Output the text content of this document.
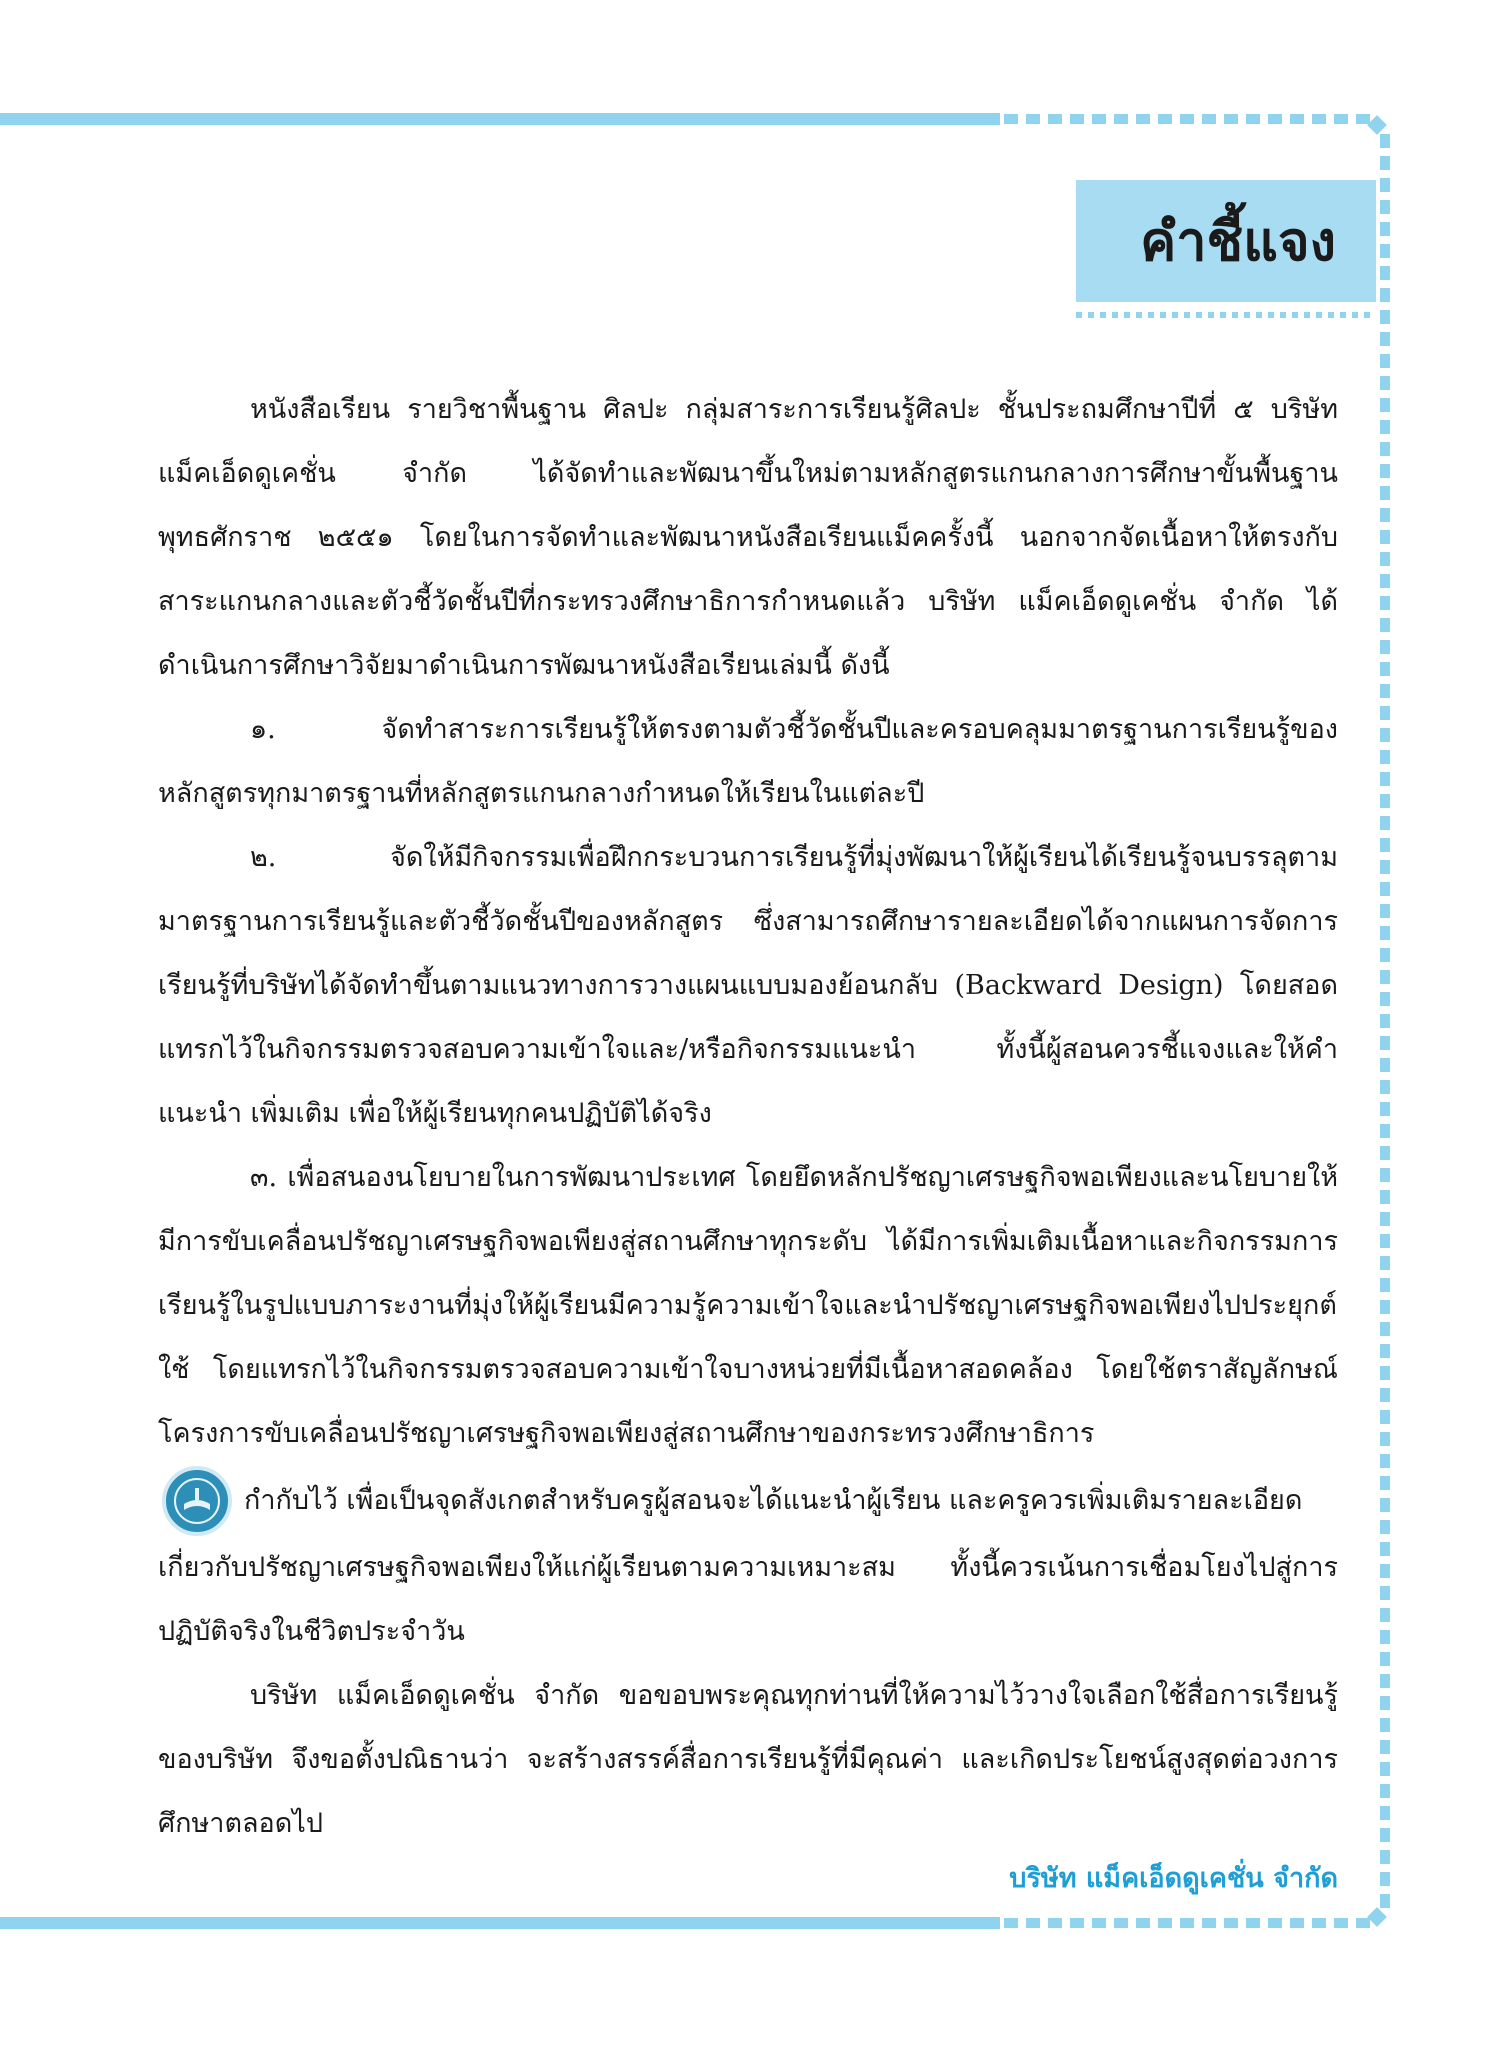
คำชี้แจง

หนังสือเรียน รายวิชาพื้นฐาน ศิลปะ กลุ่มสาระการเรียนรู้ศิลปะ ชั้นประถมศึกษาปีที่ ๕ บริษัท แม็คเอ็ดดูเคชั่น จำกัด ได้จัดทำและพัฒนาขึ้นใหม่ตามหลักสูตรแกนกลางการศึกษาขั้นพื้นฐาน พุทธศักราช ๒๕๕๑ โดยในการจัดทำและพัฒนาหนังสือเรียนแม็คครั้งนี้ นอกจากจัดเนื้อหาให้ตรงกับสาระแกนกลางและตัวชี้วัดชั้นปีที่กระทรวงศึกษาธิการกำหนดแล้ว บริษัท แม็คเอ็ดดูเคชั่น จำกัด ได้ดำเนินการศึกษาวิจัยมาดำเนินการพัฒนาหนังสือเรียนเล่มนี้ ดังนี้

๑. จัดทำสาระการเรียนรู้ให้ตรงตามตัวชี้วัดชั้นปีและครอบคลุมมาตรฐานการเรียนรู้ของหลักสูตรทุกมาตรฐานที่หลักสูตรแกนกลางกำหนดให้เรียนในแต่ละปี

๒. จัดให้มีกิจกรรมเพื่อฝึกกระบวนการเรียนรู้ที่มุ่งพัฒนาให้ผู้เรียนได้เรียนรู้จนบรรลุตามมาตรฐานการเรียนรู้และตัวชี้วัดชั้นปีของหลักสูตร ซึ่งสามารถศึกษารายละเอียดได้จากแผนการจัดการเรียนรู้ที่บริษัทได้จัดทำขึ้นตามแนวทางการวางแผนแบบมองย้อนกลับ (Backward Design) โดยสอดแทรกไว้ในกิจกรรมตรวจสอบความเข้าใจและ/หรือกิจกรรมแนะนำ ทั้งนี้ผู้สอนควรชี้แจงและให้คำแนะนำ เพิ่มเติม เพื่อให้ผู้เรียนทุกคนปฏิบัติได้จริง

๓. เพื่อสนองนโยบายในการพัฒนาประเทศ โดยยึดหลักปรัชญาเศรษฐกิจพอเพียงและนโยบายให้มีการขับเคลื่อนปรัชญาเศรษฐกิจพอเพียงสู่สถานศึกษาทุกระดับ ได้มีการเพิ่มเติมเนื้อหาและกิจกรรมการเรียนรู้ในรูปแบบภาระงานที่มุ่งให้ผู้เรียนมีความรู้ความเข้าใจและนำปรัชญาเศรษฐกิจพอเพียงไปประยุกต์ใช้ โดยแทรกไว้ในกิจกรรมตรวจสอบความเข้าใจบางหน่วยที่มีเนื้อหาสอดคล้อง โดยใช้ตราสัญลักษณ์โครงการขับเคลื่อนปรัชญาเศรษฐกิจพอเพียงสู่สถานศึกษาของกระทรวงศึกษาธิการ

กำกับไว้ เพื่อเป็นจุดสังเกตสำหรับครูผู้สอนจะได้แนะนำผู้เรียน และครูควรเพิ่มเติมรายละเอียด

เกี่ยวกับปรัชญาเศรษฐกิจพอเพียงให้แก่ผู้เรียนตามความเหมาะสม ทั้งนี้ควรเน้นการเชื่อมโยงไปสู่การปฏิบัติจริงในชีวิตประจำวัน

บริษัท แม็คเอ็ดดูเคชั่น จำกัด ขอขอบพระคุณทุกท่านที่ให้ความไว้วางใจเลือกใช้สื่อการเรียนรู้ของบริษัท จึงขอตั้งปณิธานว่า จะสร้างสรรค์สื่อการเรียนรู้ที่มีคุณค่า และเกิดประโยชน์สูงสุดต่อวงการศึกษาตลอดไป

บริษัท แม็คเอ็ดดูเคชั่น จำกัด
